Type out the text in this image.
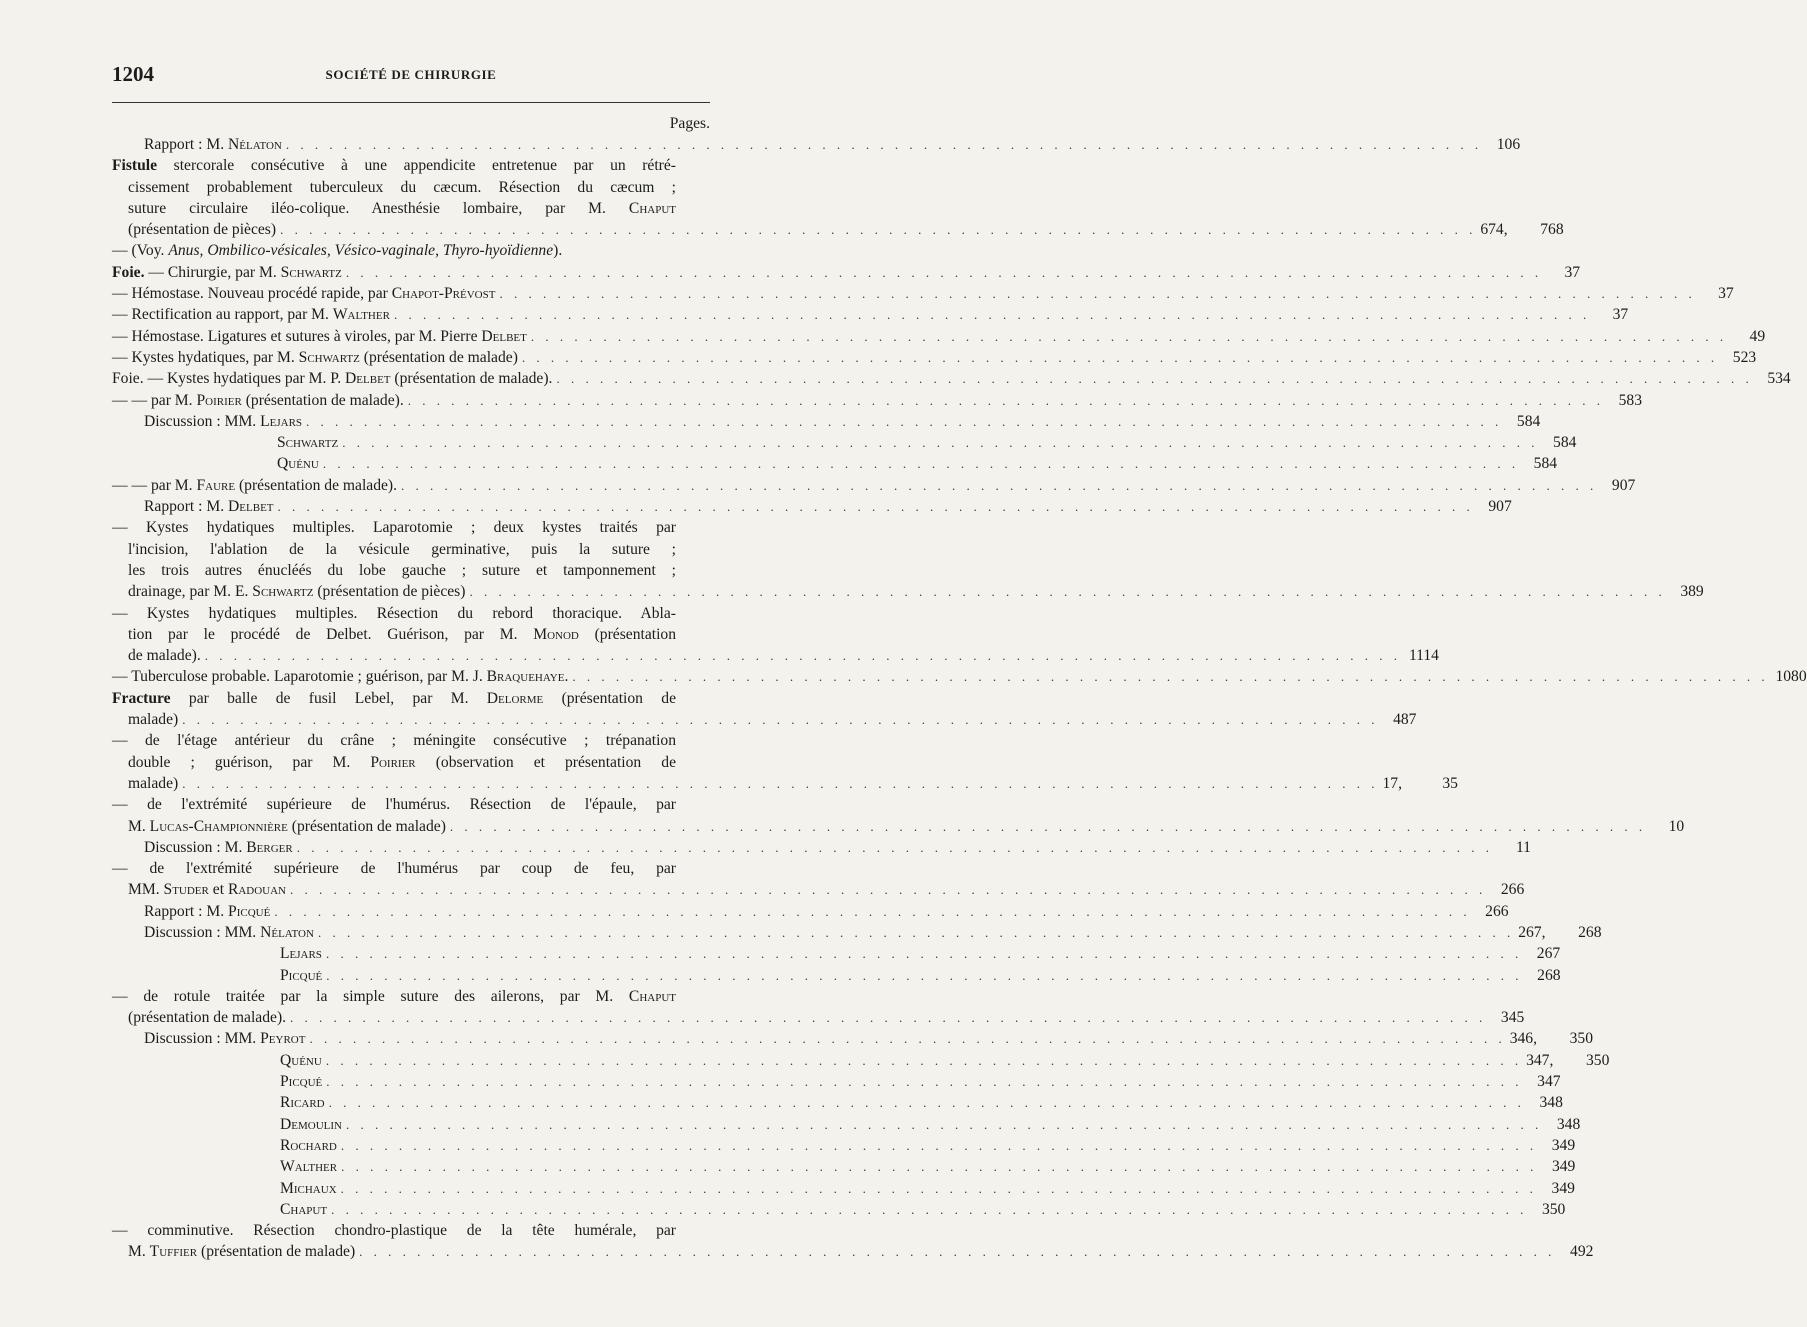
1204	SOCIÉTÉ DE CHIRURGIE
Pages.
Rapport : M. Nélaton . . .	106
Fistule stercorale consécutive à une appendicite entretenue par un rétré-
cissement probablement tuberculeux du cæcum. Résection du cæcum ;
suture circulaire iléo-colique. Anesthésie lombaire, par M. Chaput
(présentation de pièces) . . .	674,	768
— (Voy. Anus, Ombilico-vésicales, Vésico-vaginale, Thyro-hyoïdienne).
Foie. — Chirurgie, par M. Schwartz . . .	37
— Hémostase. Nouveau procédé rapide, par Chapot-Prévost . . .	37
— Rectification au rapport, par M. Walther . . .	37
— Hémostase. Ligatures et sutures à viroles, par M. Pierre Delbet . . .	49
— Kystes hydatiques, par M. Schwartz (présentation de malade) . . .	523
Foie. — Kystes hydatiques par M. P. Delbet (présentation de malade). . . .	534
— — par M. Poirier (présentation de malade). . . .	583
Discussion : MM. Lejars . . .	584
Schwartz . . .	584
Quénu . . .	584
— — par M. Faure (présentation de malade). . . .	907
Rapport : M. Delbet . . .	907
— Kystes hydatiques multiples. Laparotomie ; deux kystes traités par
l'incision, l'ablation de la vésicule germinative, puis la suture ;
les trois autres énucléés du lobe gauche ; suture et tamponnement ;
drainage, par M. E. Schwartz (présentation de pièces) . . .	389
— Kystes hydatiques multiples. Résection du rebord thoracique. Abla-
tion par le procédé de Delbet. Guérison, par M. Monod (présentation
de malade). . . .	1114
— Tuberculose probable. Laparotomie ; guérison, par M. J. Braquehaye. . . .	1080
Fracture par balle de fusil Lebel, par M. Delorme (présentation de
malade) . . .	487
— de l'étage antérieur du crâne ; méningite consécutive ; trépanation
double ; guérison, par M. Poirier (observation et présentation de
malade) . . .	17,	35
— de l'extrémité supérieure de l'humérus. Résection de l'épaule, par
M. Lucas-Championnière (présentation de malade) . . .	10
Discussion : M. Berger . . .	11
— de l'extrémité supérieure de l'humérus par coup de feu, par
MM. Studer et Radouan . . .	266
Rapport : M. Picqué . . .	266
Discussion : MM. Nélaton . . .	267,	268
Lejars . . .	267
Picqué . . .	268
— de rotule traitée par la simple suture des ailerons, par M. Chaput
(présentation de malade). . . .	345
Discussion : MM. Peyrot . . .	346,	350
Quénu . . .	347,	350
Picqué . . .	347
Ricard . . .	348
Demoulin . . .	348
Rochard . . .	349
Walther . . .	349
Michaux . . .	349
Chaput . . .	350
— comminutive. Résection chondro-plastique de la tête humérale, par
M. Tuffier (présentation de malade) . . .	492
